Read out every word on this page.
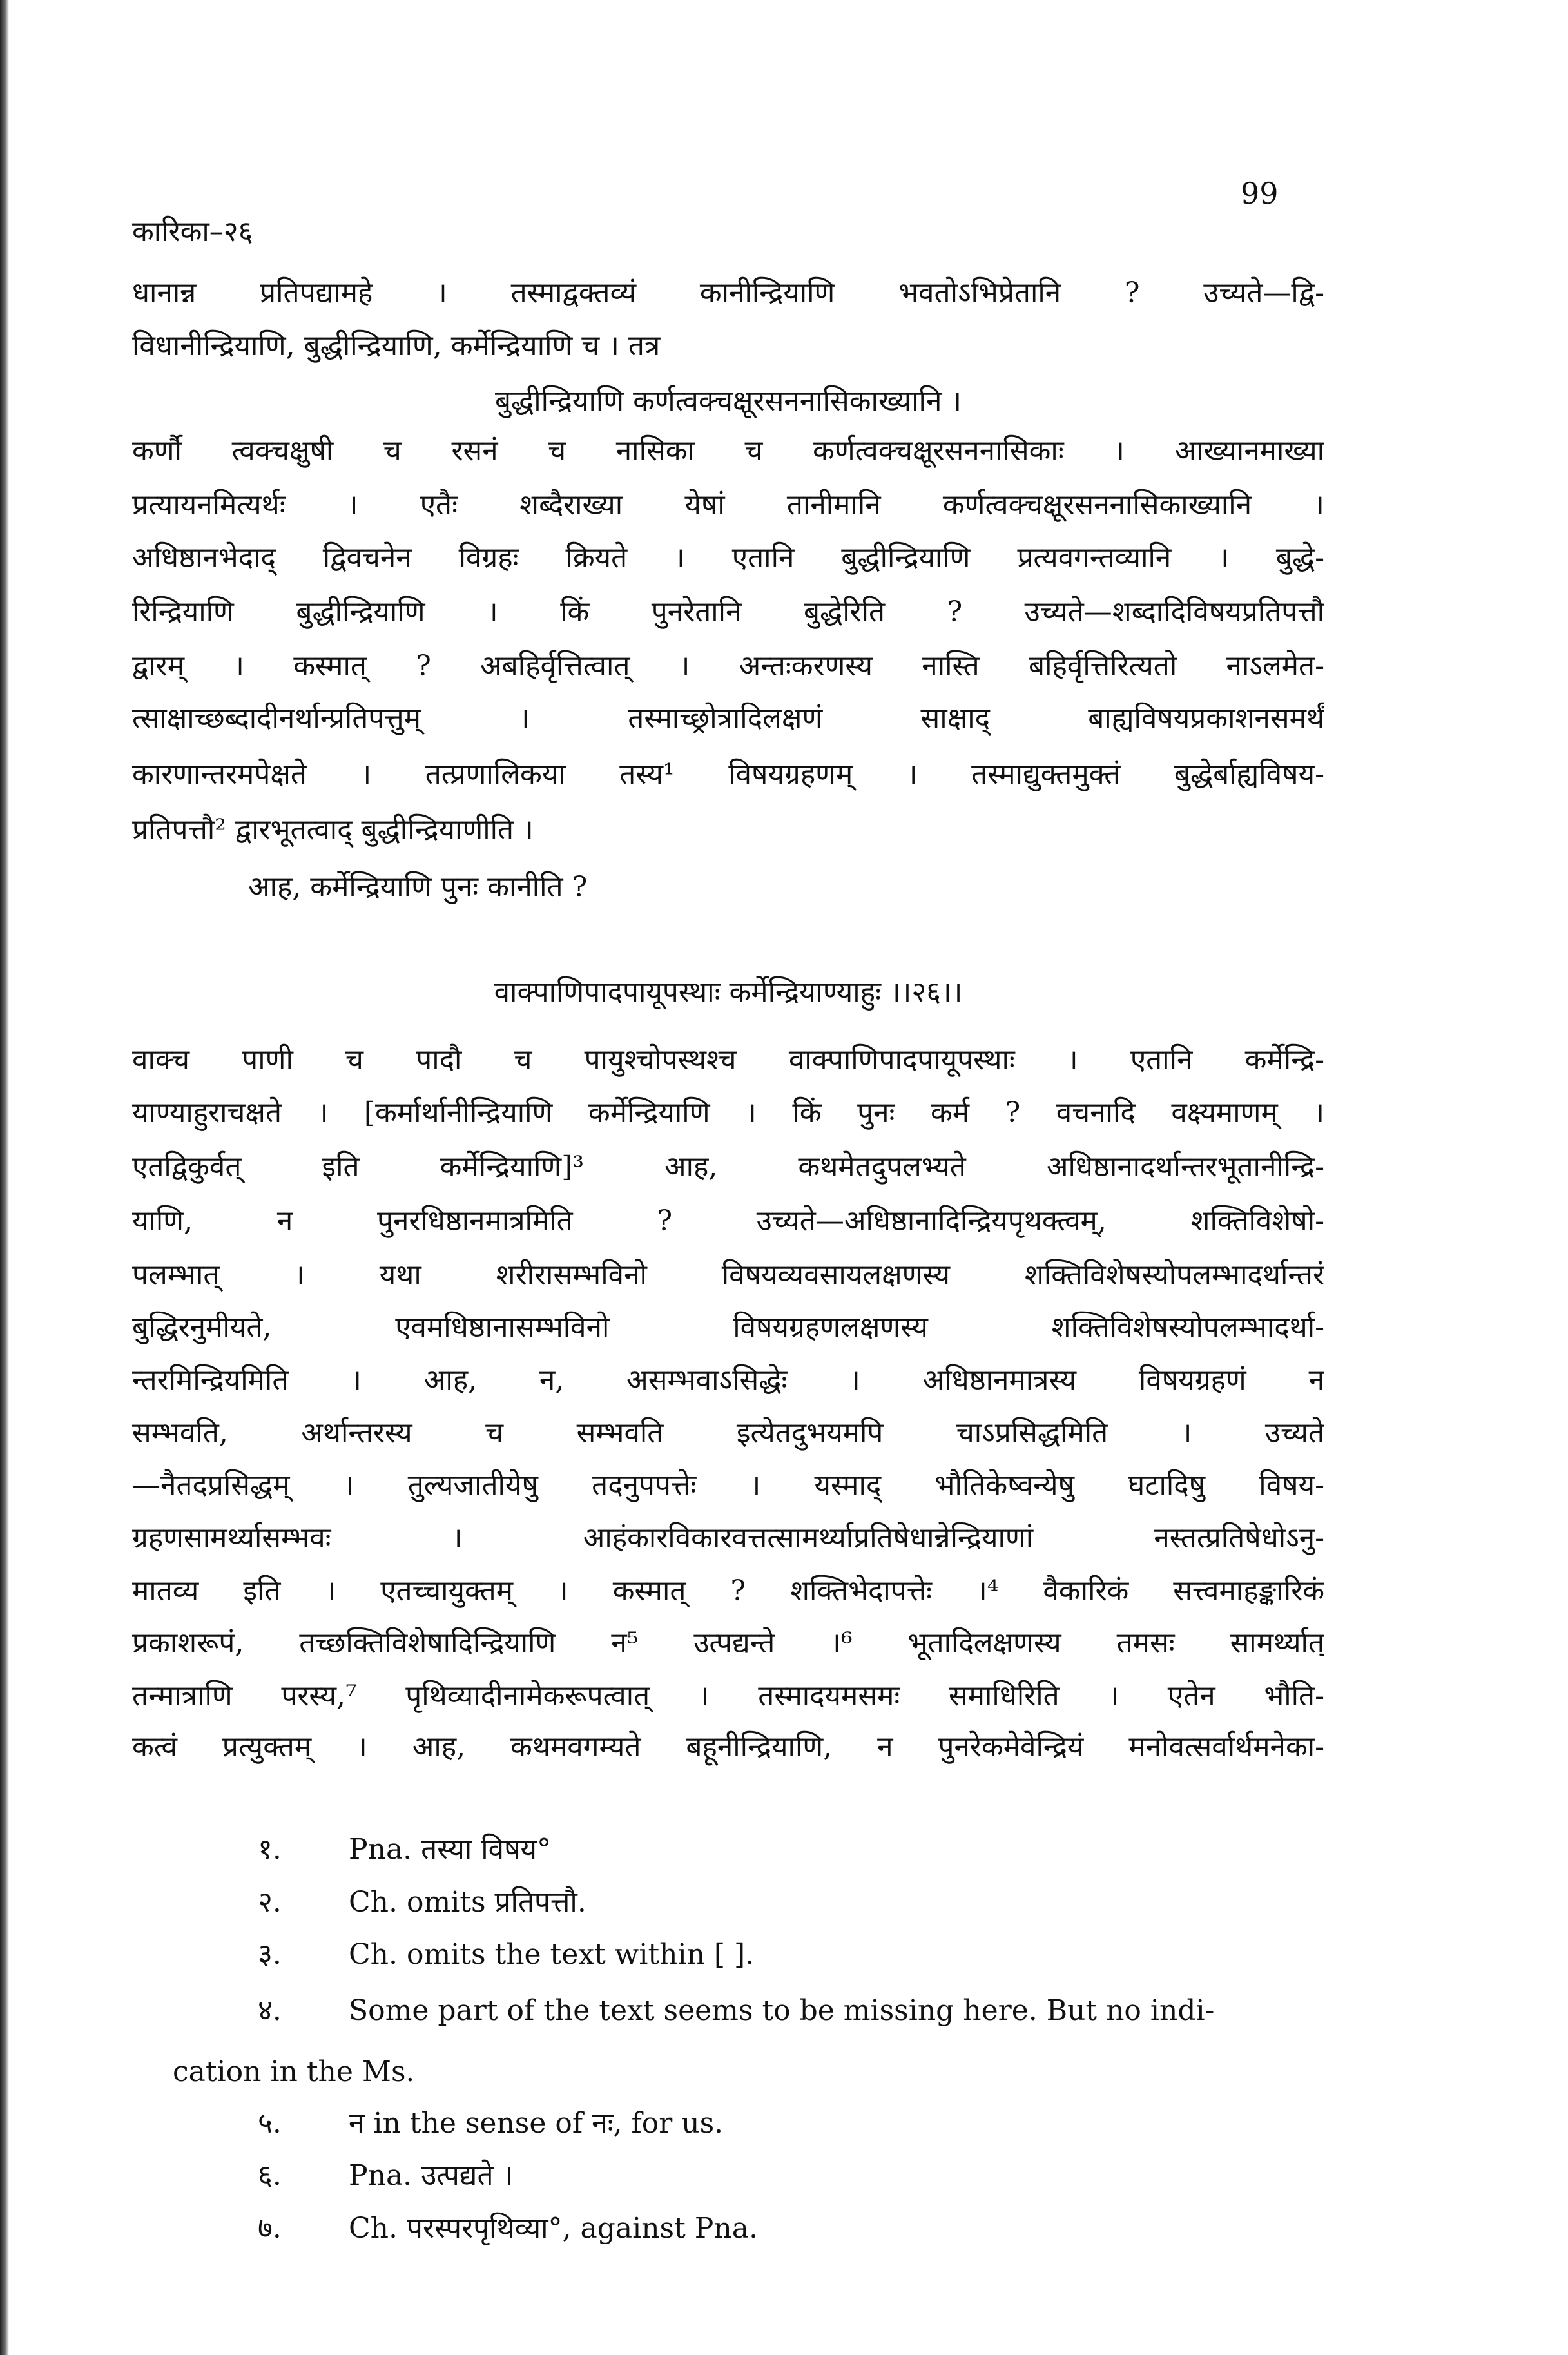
कारिका–२६
99
धानान्न प्रतिपद्यामहे । तस्माद्वक्तव्यं कानीन्द्रियाणि भवतोऽभिप्रेतानि ? उच्यते—द्वि-
विधानीन्द्रियाणि, बुद्धीन्द्रियाणि, कर्मेन्द्रियाणि च । तत्र
बुद्धीन्द्रियाणि कर्णत्वक्चक्षूरसननासिकाख्यानि ।
कर्णौ त्वक्चक्षुषी च रसनं च नासिका च कर्णत्वक्चक्षूरसननासिकाः । आख्यानमाख्या
प्रत्यायनमित्यर्थः । एतैः शब्दैराख्या येषां तानीमानि कर्णत्वक्चक्षूरसननासिकाख्यानि ।
अधिष्ठानभेदाद् द्विवचनेन विग्रहः क्रियते । एतानि बुद्धीन्द्रियाणि प्रत्यवगन्तव्यानि । बुद्धे-
रिन्द्रियाणि बुद्धीन्द्रियाणि । किं पुनरेतानि बुद्धेरिति ? उच्यते—शब्दादिविषयप्रतिपत्तौ
द्वारम् । कस्मात् ? अबहिर्वृत्तित्वात् । अन्तःकरणस्य नास्ति बहिर्वृत्तिरित्यतो नाऽलमेत-
त्साक्षाच्छब्दादीनर्थान्प्रतिपत्तुम् । तस्माच्छ्रोत्रादिलक्षणं साक्षाद् बाह्यविषयप्रकाशनसमर्थं
कारणान्तरमपेक्षते । तत्प्रणालिकया तस्य¹ विषयग्रहणम् । तस्माद्युक्तमुक्तं बुद्धेर्बाह्यविषय-
प्रतिपत्तौ² द्वारभूतत्वाद् बुद्धीन्द्रियाणीति ।
आह, कर्मेन्द्रियाणि पुनः कानीति ?
वाक्पाणिपादपायूपस्थाः कर्मेन्द्रियाण्याहुः ।।२६।।
वाक्च पाणी च पादौ च पायुश्चोपस्थश्च वाक्पाणिपादपायूपस्थाः । एतानि कर्मेन्द्रि-
याण्याहुराचक्षते । [कर्मार्थानीन्द्रियाणि कर्मेन्द्रियाणि । किं पुनः कर्म ? वचनादि वक्ष्यमाणम् ।
एतद्विकुर्वत् इति कर्मेन्द्रियाणि]³ आह, कथमेतदुपलभ्यते अधिष्ठानादर्थान्तरभूतानीन्द्रि-
याणि, न पुनरधिष्ठानमात्रमिति ? उच्यते—अधिष्ठानादिन्द्रियपृथक्त्वम्, शक्तिविशेषो-
पलम्भात् । यथा शरीरासम्भविनो विषयव्यवसायलक्षणस्य शक्तिविशेषस्योपलम्भादर्थान्तरं
बुद्धिरनुमीयते, एवमधिष्ठानासम्भविनो विषयग्रहणलक्षणस्य शक्तिविशेषस्योपलम्भादर्था-
न्तरमिन्द्रियमिति । आह, न, असम्भवाऽसिद्धेः । अधिष्ठानमात्रस्य विषयग्रहणं न
सम्भवति, अर्थान्तरस्य च सम्भवति इत्येतदुभयमपि चाऽप्रसिद्धमिति । उच्यते
—नैतदप्रसिद्धम् । तुल्यजातीयेषु तदनुपपत्तेः । यस्माद् भौतिकेष्वन्येषु घटादिषु विषय-
ग्रहणसामर्थ्यासम्भवः । आहंकारविकारवत्तत्सामर्थ्याप्रतिषेधान्नेन्द्रियाणां नस्तत्प्रतिषेधोऽनु-
मातव्य इति । एतच्चायुक्तम् । कस्मात् ? शक्तिभेदापत्तेः ।⁴ वैकारिकं सत्त्वमाहङ्कारिकं
प्रकाशरूपं, तच्छक्तिविशेषादिन्द्रियाणि न⁵ उत्पद्यन्ते ।⁶ भूतादिलक्षणस्य तमसः सामर्थ्यात्
तन्मात्राणि परस्य,⁷ पृथिव्यादीनामेकरूपत्वात् । तस्मादयमसमः समाधिरिति । एतेन भौति-
कत्वं प्रत्युक्तम् । आह, कथमवगम्यते बहूनीन्द्रियाणि, न पुनरेकमेवेन्द्रियं मनोवत्सर्वार्थमनेका-
१. Pna. तस्या विषय°
२. Ch. omits प्रतिपत्तौ.
३. Ch. omits the text within [ ].
४. Some part of the text seems to be missing here. But no indi-
cation in the Ms.
५. न in the sense of नः, for us.
६. Pna. उत्पद्यते ।
७. Ch. परस्परपृथिव्या°, against Pna.
